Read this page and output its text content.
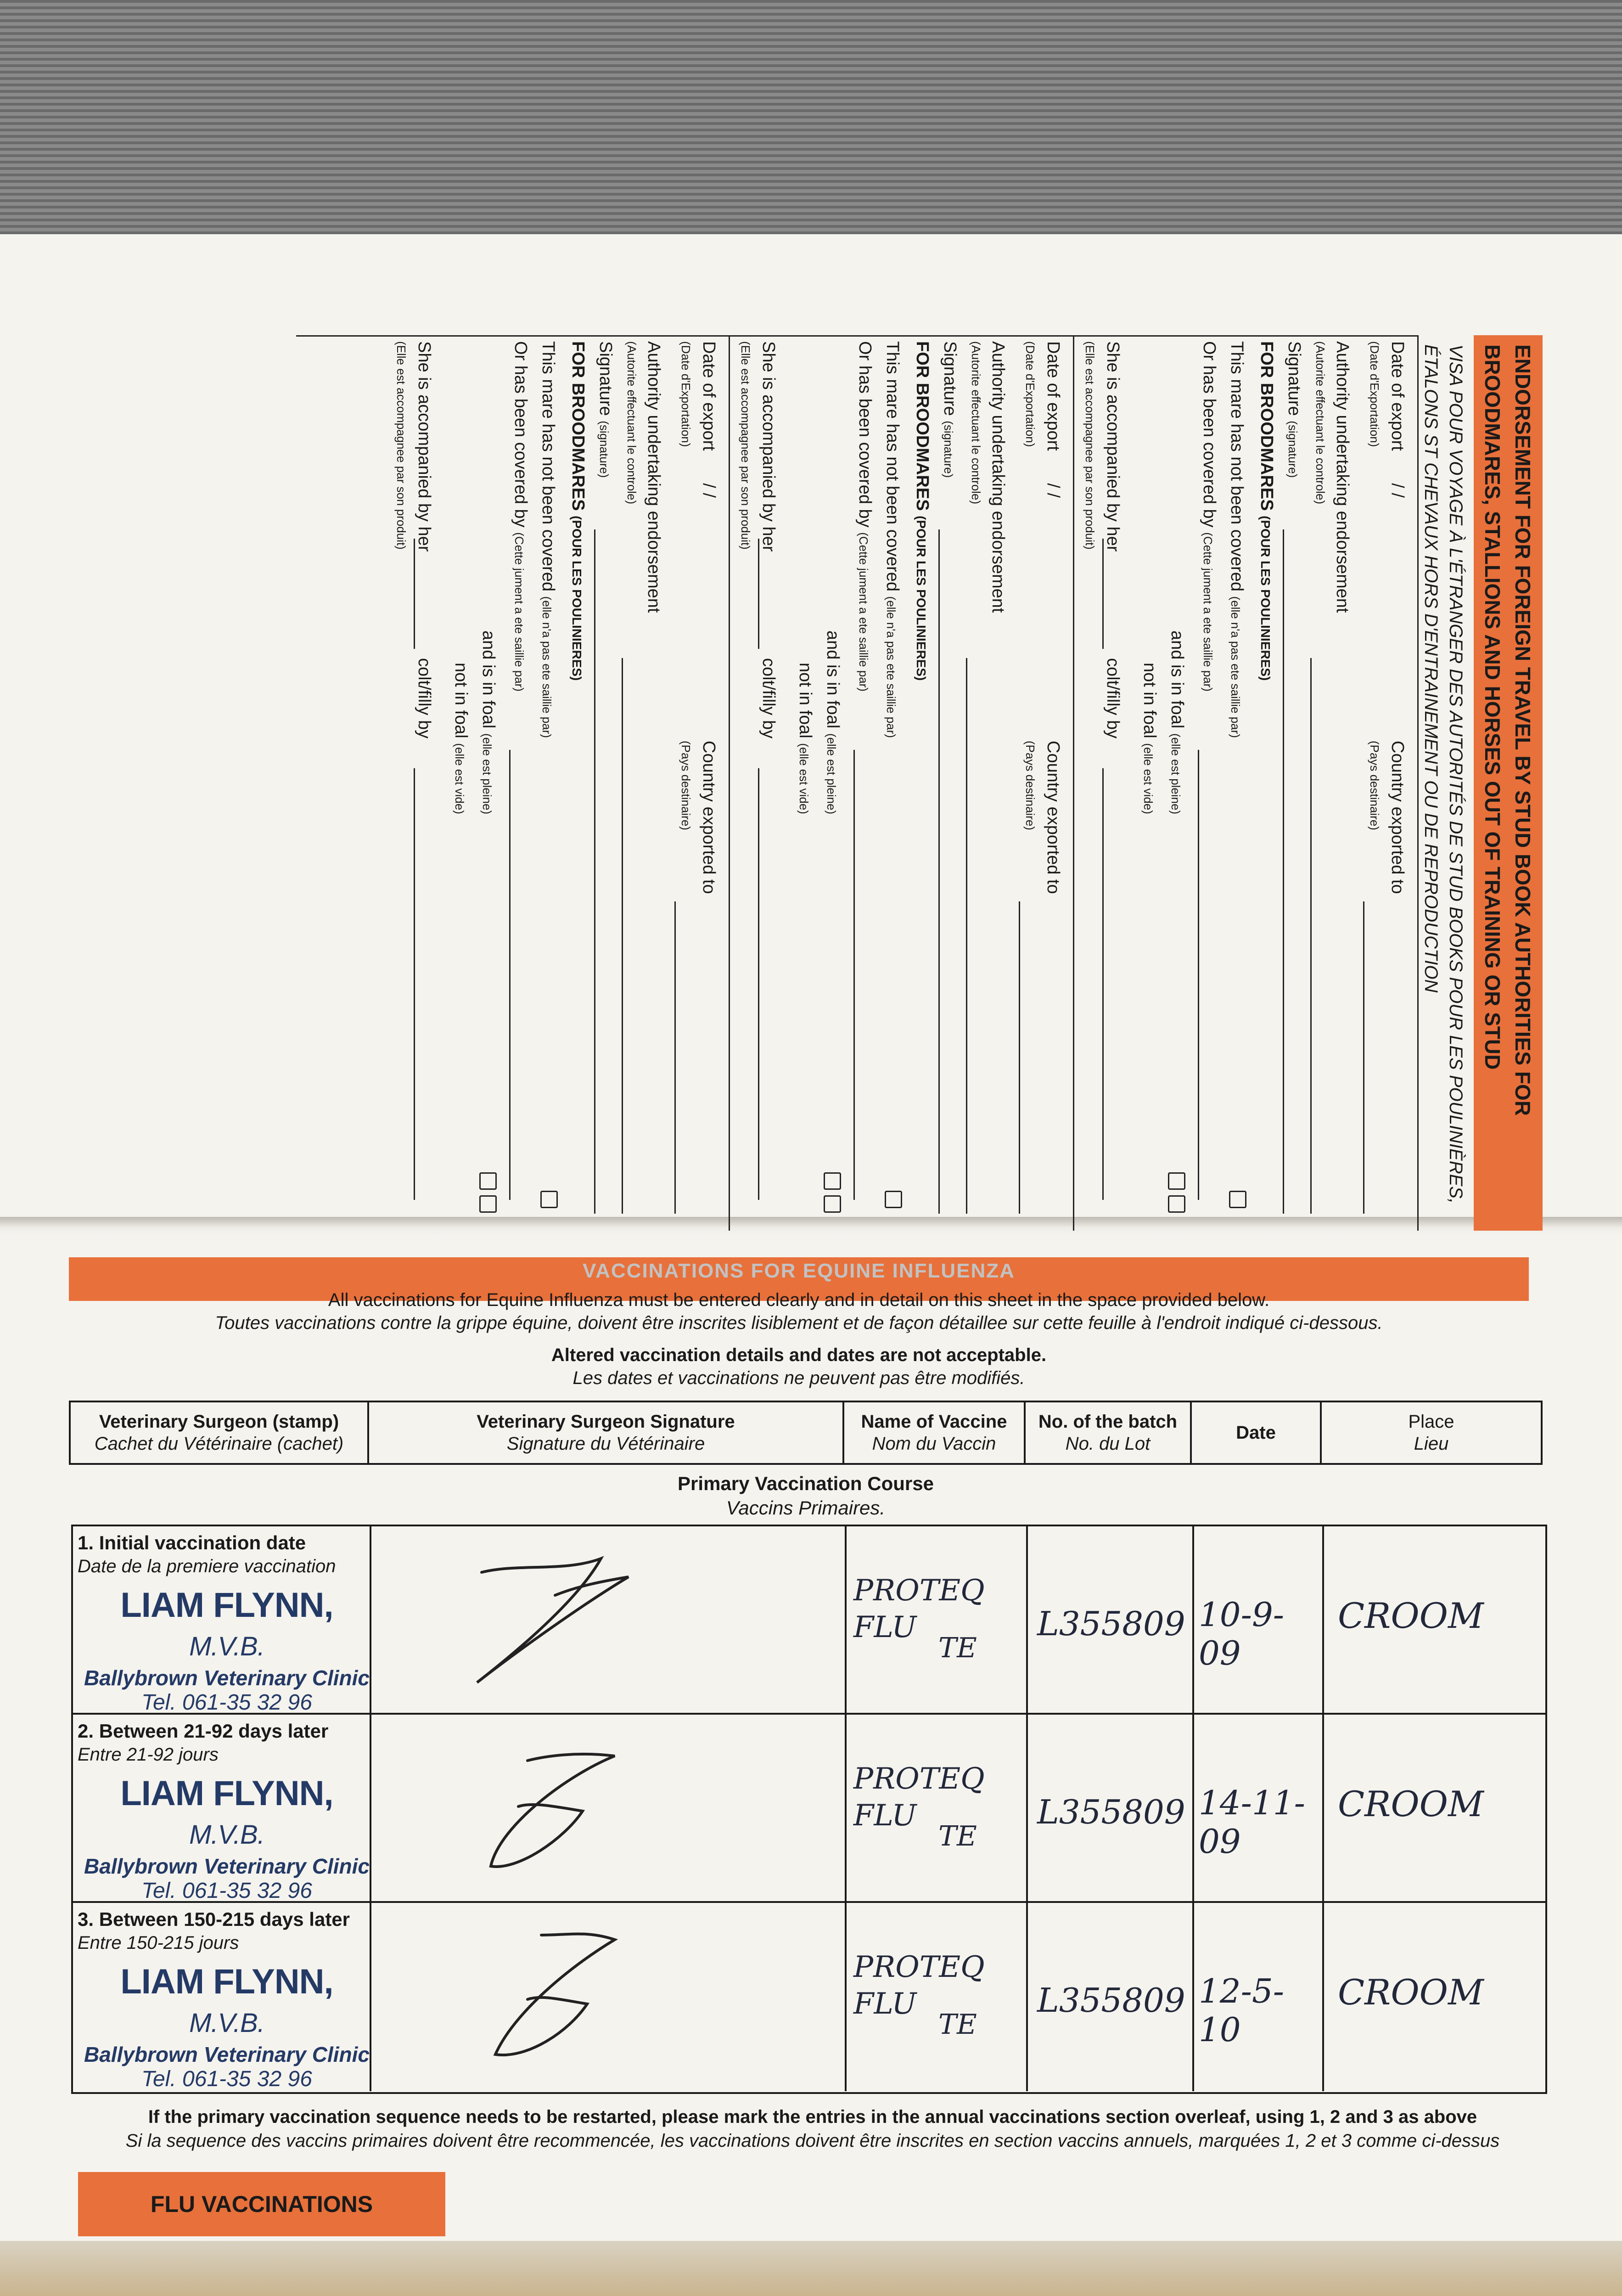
ENDORSEMENT FOR FOREIGN TRAVEL BY STUD BOOK AUTHORITIES FOR BROODMARES, STALLIONS AND HORSES OUT OF TRAINING OR STUD
VISA POUR VOYAGE À L'ÉTRANGER DES AUTORITÉS DE STUD BOOKS POUR LES POULINIÈRES, ÉTALONS ST CHEVAUX HORS D'ENTRAINEMENT OU DE REPRODUCTION
Date of export / /
(Date d'Exportation)
Country exported to
(Pays destinaire)
Authority undertaking endorsement
(Autorite effectuant le controle)
Signature (signature)
FOR BROODMARES (POUR LES POULINIERES)
This mare has not been covered (elle n'a pas ete saillie par)
Or has been covered by (Cette jument a ete saillie par)
and is in foal (elle est pleine)
not in foal (elle est vide)
She is accompanied by her
(Elle est accompagnee par son produit)
colt/filly by
Date of export / /
(Date d'Exportation)
Country exported to
(Pays destinaire)
Authority undertaking endorsement
(Autorite effectuant le controle)
Signature (signature)
FOR BROODMARES (POUR LES POULINIERES)
This mare has not been covered (elle n'a pas ete saillie par)
Or has been covered by (Cette jument a ete saillie par)
and is in foal (elle est pleine)
not in foal (elle est vide)
She is accompanied by her
(Elle est accompagnee par son produit)
colt/filly by
Date of export / /
(Date d'Exportation)
Country exported to
(Pays destinaire)
Authority undertaking endorsement
(Autorite effectuant le controle)
Signature (signature)
FOR BROODMARES (POUR LES POULINIERES)
This mare has not been covered (elle n'a pas ete saillie par)
Or has been covered by (Cette jument a ete saillie par)
and is in foal (elle est pleine)
not in foal (elle est vide)
She is accompanied by her
(Elle est accompagnee par son produit)
colt/filly by
VACCINATIONS FOR EQUINE INFLUENZA
All vaccinations for Equine Influenza must be entered clearly and in detail on this sheet in the space provided below.
Toutes vaccinations contre la grippe équine, doivent être inscrites lisiblement et de façon détaillee sur cette feuille à l'endroit indiqué ci-dessous.
Altered vaccination details and dates are not acceptable.
Les dates et vaccinations ne peuvent pas être modifiés.
Veterinary Surgeon (stamp)
Cachet du Vétérinaire (cachet)
Veterinary Surgeon Signature
Signature du Vétérinaire
Name of Vaccine
Nom du Vaccin
No. of the batch
No. du Lot
Date
Place
Lieu
Primary Vaccination Course
Vaccins Primaires.
1. Initial vaccination date
Date de la premiere vaccination
LIAM FLYNN, M.V.B.
Ballybrown Veterinary Clinic
Tel. 061-35 32 96
PROTEQ FLU
TE
L355809 10-9-09
CROOM
2. Between 21-92 days later
Entre 21-92 jours
LIAM FLYNN, M.V.B.
Ballybrown Veterinary Clinic
Tel. 061-35 32 96
PROTEQ FLU
TE
L355809 14-11-09
CROOM
3. Between 150-215 days later
Entre 150-215 jours
LIAM FLYNN, M.V.B.
Ballybrown Veterinary Clinic
Tel. 061-35 32 96
PROTEQ FLU
TE
L355809 12-5-10
CROOM
If the primary vaccination sequence needs to be restarted, please mark the entries in the annual vaccinations section overleaf, using 1, 2 and 3 as above
Si la sequence des vaccins primaires doivent être recommencée, les vaccinations doivent être inscrites en section vaccins annuels, marquées 1, 2 et 3 comme ci-dessus
FLU VACCINATIONS
